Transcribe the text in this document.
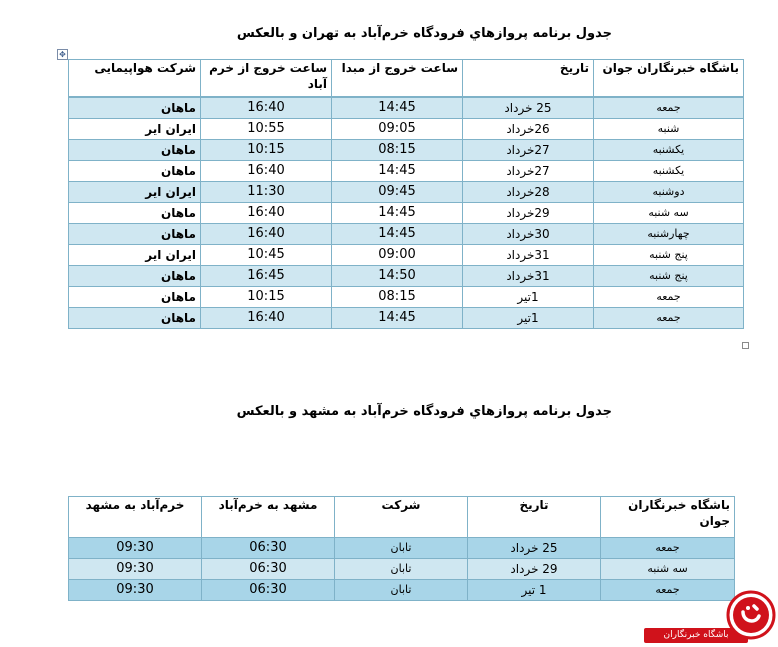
جدول برنامه پروازهاي فرودگاه خرم‌آباد به تهران و بالعكس
✥
باشگاه خبرنگاران جوان	تاریخ	ساعت خروج از مبدا	ساعت خروج از خرم آباد	شرکت هواپیمایی
جمعه	25 خرداد	14:45	16:40	ماهان
شنبه	26خرداد	09:05	10:55	ایران ایر
یکشنبه	27خرداد	08:15	10:15	ماهان
یکشنبه	27خرداد	14:45	16:40	ماهان
دوشنبه	28خرداد	09:45	11:30	ایران ایر
سه شنبه	29خرداد	14:45	16:40	ماهان
چهارشنبه	30خرداد	14:45	16:40	ماهان
پنج شنبه	31خرداد	09:00	10:45	ایران ایر
پنج شنبه	31خرداد	14:50	16:45	ماهان
جمعه	1تیر	08:15	10:15	ماهان
جمعه	1تیر	14:45	16:40	ماهان
جدول برنامه پروازهاي فرودگاه خرم‌آباد به مشهد و بالعكس
باشگاه خبرنگاران جوان	تاریخ	شرکت	مشهد به خرم‌آباد	خرم‌آباد به مشهد
جمعه	25 خرداد	تابان	06:30	09:30
سه شنبه	29 خرداد	تابان	06:30	09:30
جمعه	1 تیر	تابان	06:30	09:30
باشگاه خبرنگاران
